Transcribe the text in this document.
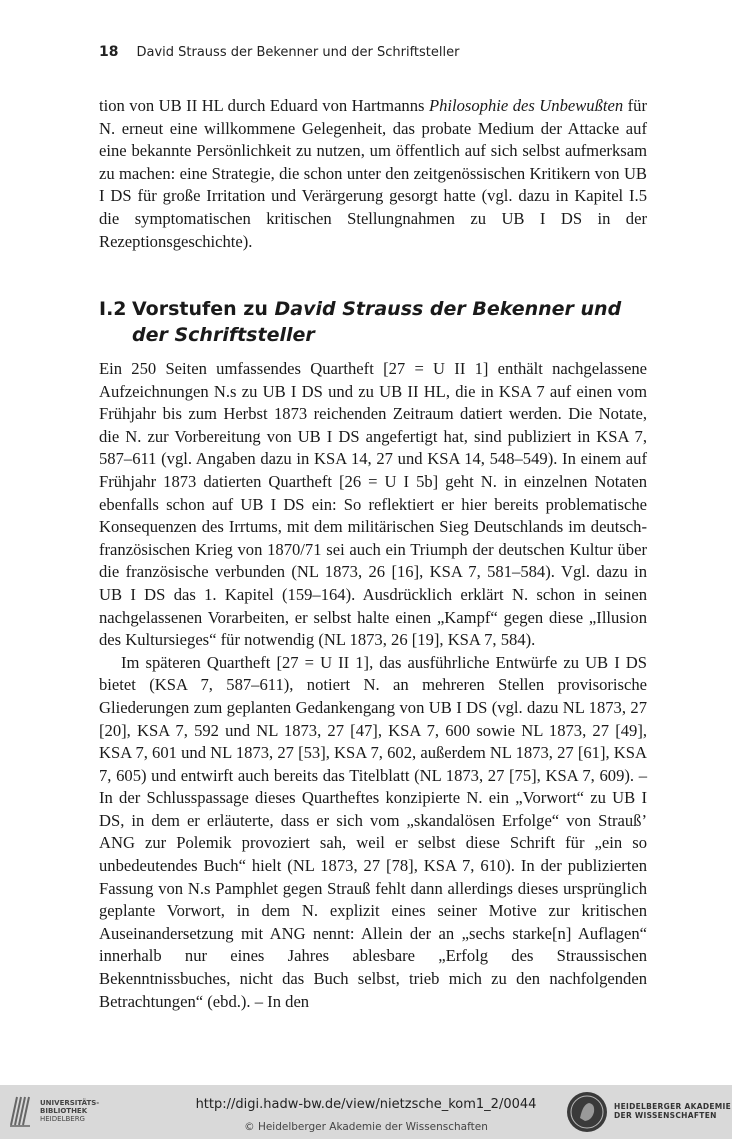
18 David Strauss der Bekenner und der Schriftsteller

tion von UB II HL durch Eduard von Hartmanns Philosophie des Unbewußten für N. erneut eine willkommene Gelegenheit, das probate Medium der Attacke auf eine bekannte Persönlichkeit zu nutzen, um öffentlich auf sich selbst aufmerksam zu machen: eine Strategie, die schon unter den zeitgenössischen Kritikern von UB I DS für große Irritation und Verärgerung gesorgt hatte (vgl. dazu in Kapitel I.5 die symptomatischen kritischen Stellungnahmen zu UB I DS in der Rezeptionsgeschichte).

I.2 Vorstufen zu David Strauss der Bekenner und
der Schriftsteller

Ein 250 Seiten umfassendes Quartheft [27 = U II 1] enthält nachgelassene Aufzeichnungen N.s zu UB I DS und zu UB II HL, die in KSA 7 auf einen vom Frühjahr bis zum Herbst 1873 reichenden Zeitraum datiert werden. Die Notate, die N. zur Vorbereitung von UB I DS angefertigt hat, sind publiziert in KSA 7, 587–611 (vgl. Angaben dazu in KSA 14, 27 und KSA 14, 548–549). In einem auf Frühjahr 1873 datierten Quartheft [26 = U I 5b] geht N. in einzelnen Notaten ebenfalls schon auf UB I DS ein: So reflektiert er hier bereits problematische Konsequenzen des Irrtums, mit dem militärischen Sieg Deutschlands im deutsch-französischen Krieg von 1870/71 sei auch ein Triumph der deutschen Kultur über die französische verbunden (NL 1873, 26 [16], KSA 7, 581–584). Vgl. dazu in UB I DS das 1. Kapitel (159–164). Ausdrücklich erklärt N. schon in seinen nachgelassenen Vorarbeiten, er selbst halte einen „Kampf“ gegen diese „Illusion des Kultursieges“ für notwendig (NL 1873, 26 [19], KSA 7, 584).

Im späteren Quartheft [27 = U II 1], das ausführliche Entwürfe zu UB I DS bietet (KSA 7, 587–611), notiert N. an mehreren Stellen provisorische Gliederungen zum geplanten Gedankengang von UB I DS (vgl. dazu NL 1873, 27 [20], KSA 7, 592 und NL 1873, 27 [47], KSA 7, 600 sowie NL 1873, 27 [49], KSA 7, 601 und NL 1873, 27 [53], KSA 7, 602, außerdem NL 1873, 27 [61], KSA 7, 605) und entwirft auch bereits das Titelblatt (NL 1873, 27 [75], KSA 7, 609). – In der Schlusspassage dieses Quartheftes konzipierte N. ein „Vorwort“ zu UB I DS, in dem er erläuterte, dass er sich vom „skandalösen Erfolge“ von Strauß’ ANG zur Polemik provoziert sah, weil er selbst diese Schrift für „ein so unbedeutendes Buch“ hielt (NL 1873, 27 [78], KSA 7, 610). In der publizierten Fassung von N.s Pamphlet gegen Strauß fehlt dann allerdings dieses ursprünglich geplante Vorwort, in dem N. explizit eines seiner Motive zur kritischen Auseinandersetzung mit ANG nennt: Allein der an „sechs starke[n] Auflagen“ innerhalb nur eines Jahres ablesbare „Erfolg des Straussischen Bekenntnissbuches, nicht das Buch selbst, trieb mich zu den nachfolgenden Betrachtungen“ (ebd.). – In den

UNIVERSITÄTS-
BIBLIOTHEK
HEIDELBERG
http://digi.hadw-bw.de/view/nietzsche_kom1_2/0044
© Heidelberger Akademie der Wissenschaften
HEIDELBERGER AKADEMIE
DER WISSENSCHAFTEN
